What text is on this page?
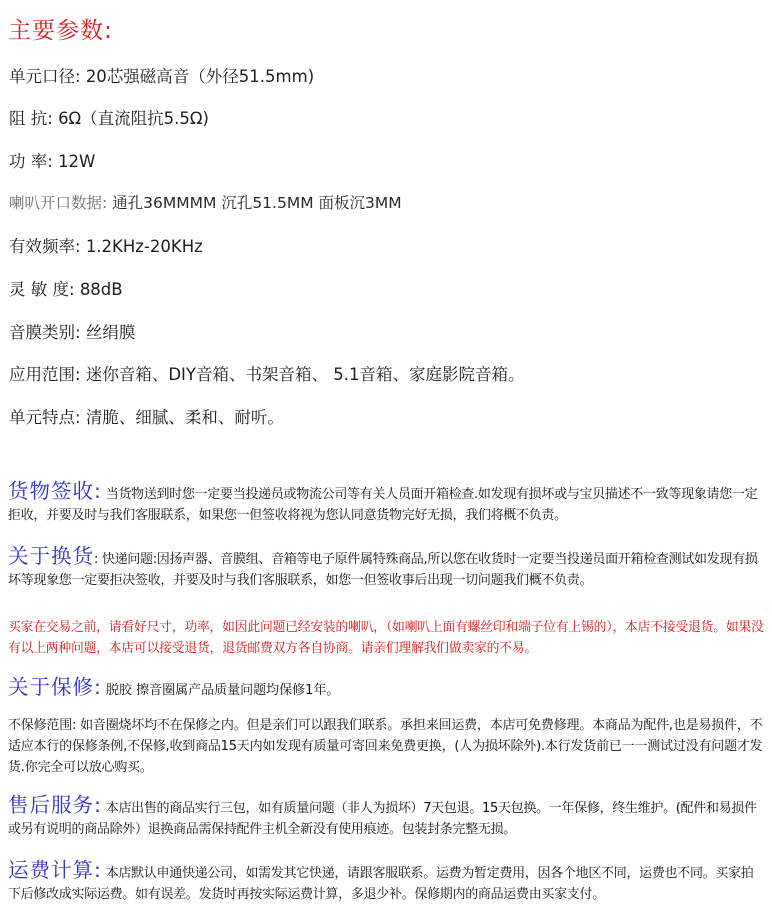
主要参数:
单元口径: 20芯强磁高音（外径51.5mm)
阻 抗: 6Ω（直流阻抗5.5Ω)
功 率: 12W
喇叭开口数据: 通孔36MMMM 沉孔51.5MM 面板沉3MM
有效频率: 1.2KHz-20KHz
灵 敏 度: 88dB
音膜类别: 丝绢膜
应用范围: 迷你音箱、DIY音箱、书架音箱、 5.1音箱、家庭影院音箱。
单元特点: 清脆、细腻、柔和、耐听。
货物签收: 当货物送到时您一定要当投递员或物流公司等有关人员面开箱检查.如发现有损坏或与宝贝描述不一致等现象请您一定拒收，并要及时与我们客服联系，如果您一但签收将视为您认同意货物完好无损，我们将概不负责。
关于换货: 快递问题:因扬声器、音膜组、音箱等电子原件属特殊商品,所以您在收货时一定要当投递员面开箱检查测试如发现有损坏等现象您一定要拒决签收，并要及时与我们客服联系，如您一但签收事后出现一切问题我们概不负责。
买家在交易之前，请看好尺寸，功率，如因此问题已经安装的喇叭，（如喇叭上面有螺丝印和端子位有上锡的），本店不接受退货。如果没有以上两种问题，本店可以接受退货，退货邮费双方各自协商。请亲们理解我们做卖家的不易。
关于保修: 脱胶 擦音圈属产品质量问题均保修1年。
不保修范围: 如音圈烧坏均不在保修之内。但是亲们可以跟我们联系。承担来回运费，本店可免费修理。本商品为配件,也是易损件，不适应本行的保修条例,不保修,收到商品15天内如发现有质量可寄回来免费更换，(人为损坏除外).本行发货前已一一测试过没有问题才发货.你完全可以放心购买。
售后服务: 本店出售的商品实行三包，如有质量问题（非人为损坏）7天包退。15天包换。一年保修，终生维护。(配件和易损件或另有说明的商品除外）退换商品需保持配件主机全新没有使用痕迹。包装封条完整无损。
运费计算: 本店默认申通快递公司，如需发其它快递，请跟客服联系。运费为暂定费用，因各个地区不同，运费也不同。买家拍下后修改成实际运费。如有误差。发货时再按实际运费计算，多退少补。保修期内的商品运费由买家支付。
